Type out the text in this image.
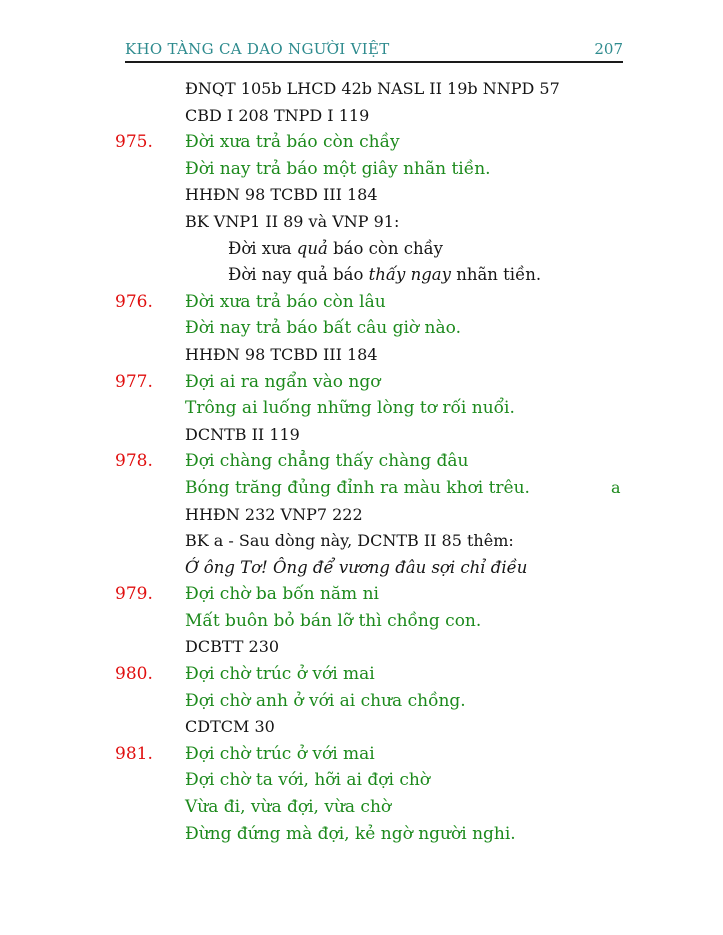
KHO TÀNG CA DAO NGƯỜI VIỆT	207
ĐNQT 105b LHCD 42b NASL II 19b NNPD 57
CBD I 208 TNPD I 119
975. Đời xưa trả báo còn chầy
Đời nay trả báo một giây nhãn tiền.
HHĐN 98 TCBD III 184
BK VNP1 II 89 và VNP 91:
Đời xưa quả báo còn chầy
Đời nay quả báo thấy ngay nhãn tiền.
976. Đời xưa trả báo còn lâu
Đời nay trả báo bất câu giờ nào.
HHĐN 98 TCBD III 184
977. Đợi ai ra ngẩn vào ngơ
Trông ai luống những lòng tơ rối nuổi.
DCNTB II 119
978. Đợi chàng chẳng thấy chàng đâu
Bóng trăng đủng đỉnh ra màu khơi trêu.	a
HHĐN 232 VNP7 222
BK a - Sau dòng này, DCNTB II 85 thêm:
Ớ ông Tơ! Ông để vương đâu sợi chỉ điều
979. Đợi chờ ba bốn năm ni
Mất buôn bỏ bán lỡ thì chồng con.
DCBTT 230
980. Đợi chờ trúc ở với mai
Đợi chờ anh ở với ai chưa chồng.
CDTCM 30
981. Đợi chờ trúc ở với mai
Đợi chờ ta với, hỡi ai đợi chờ
Vừa đi, vừa đợi, vừa chờ
Đừng đứng mà đợi, kẻ ngờ người nghi.
